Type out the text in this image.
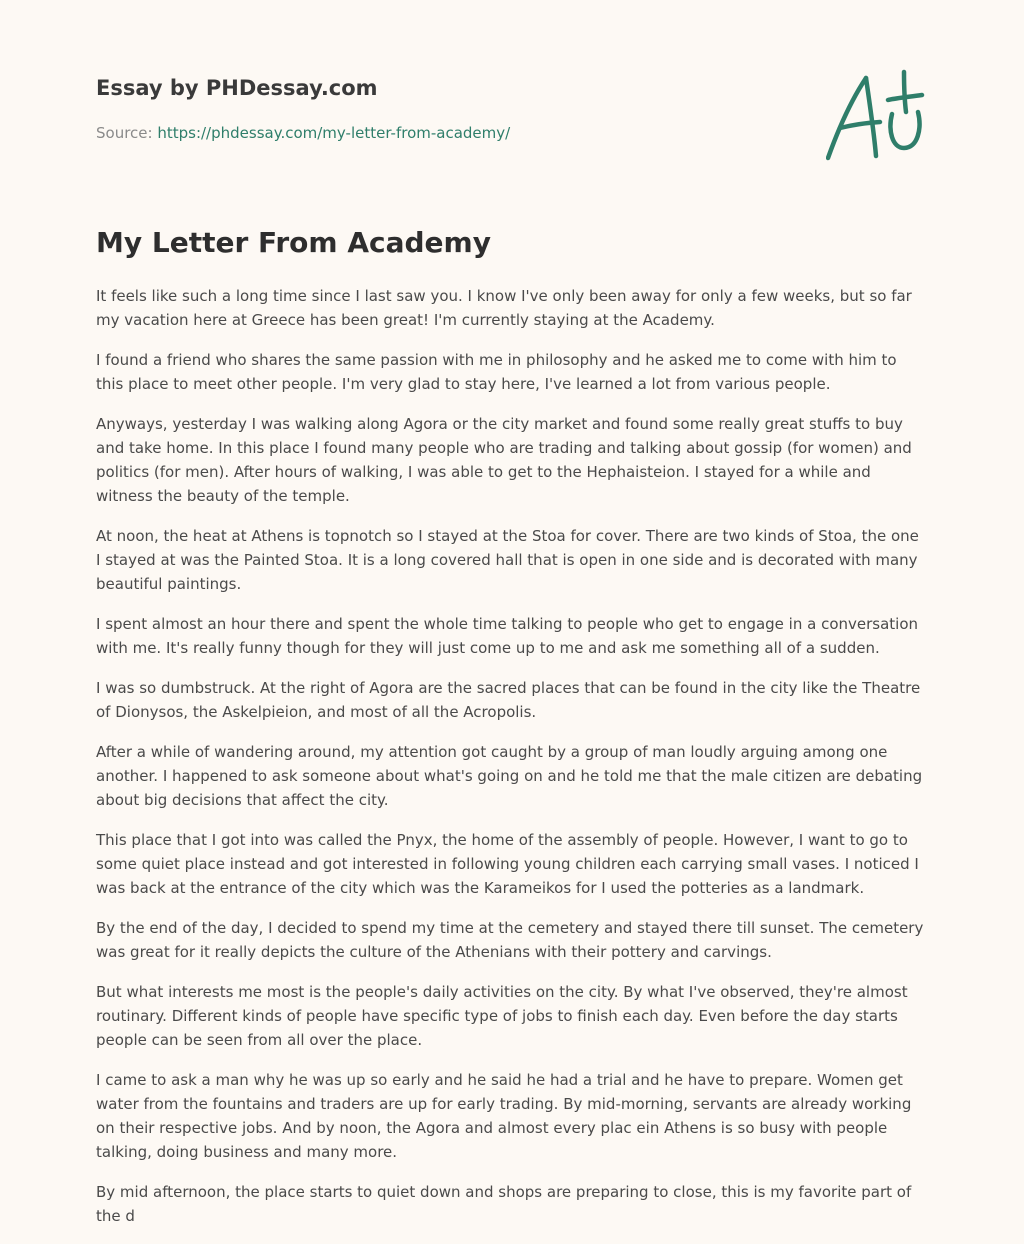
Essay by PHDessay.com
Source: https://phdessay.com/my-letter-from-academy/
My Letter From Academy

It feels like such a long time since I last saw you. I know I've only been away for only a few weeks, but so far my vacation here at Greece has been great! I'm currently staying at the Academy.

I found a friend who shares the same passion with me in philosophy and he asked me to come with him to this place to meet other people. I'm very glad to stay here, I've learned a lot from various people.

Anyways, yesterday I was walking along Agora or the city market and found some really great stuffs to buy and take home. In this place I found many people who are trading and talking about gossip (for women) and politics (for men). After hours of walking, I was able to get to the Hephaisteion. I stayed for a while and witness the beauty of the temple.

At noon, the heat at Athens is topnotch so I stayed at the Stoa for cover. There are two kinds of Stoa, the one I stayed at was the Painted Stoa. It is a long covered hall that is open in one side and is decorated with many beautiful paintings.

I spent almost an hour there and spent the whole time talking to people who get to engage in a conversation with me. It's really funny though for they will just come up to me and ask me something all of a sudden.

I was so dumbstruck. At the right of Agora are the sacred places that can be found in the city like the Theatre of Dionysos, the Askelpieion, and most of all the Acropolis.

After a while of wandering around, my attention got caught by a group of man loudly arguing among one another. I happened to ask someone about what's going on and he told me that the male citizen are debating about big decisions that affect the city.

This place that I got into was called the Pnyx, the home of the assembly of people. However, I want to go to some quiet place instead and got interested in following young children each carrying small vases. I noticed I was back at the entrance of the city which was the Karameikos for I used the potteries as a landmark.

By the end of the day, I decided to spend my time at the cemetery and stayed there till sunset. The cemetery was great for it really depicts the culture of the Athenians with their pottery and carvings.

But what interests me most is the people's daily activities on the city. By what I've observed, they're almost routinary. Different kinds of people have specific type of jobs to finish each day. Even before the day starts people can be seen from all over the place.

I came to ask a man why he was up so early and he said he had a trial and he have to prepare. Women get water from the fountains and traders are up for early trading. By mid-morning, servants are already working on their respective jobs. And by noon, the Agora and almost every plac ein Athens is so busy with people talking, doing business and many more.

By mid afternoon, the place starts to quiet down and shops are preparing to close, this is my favorite part of the d
